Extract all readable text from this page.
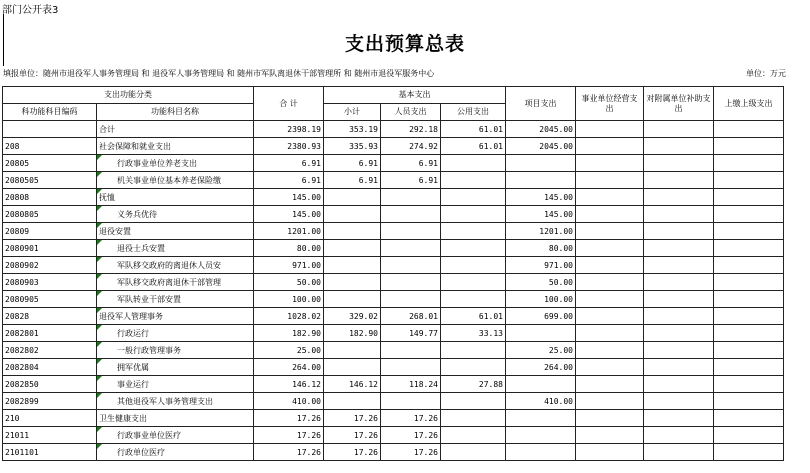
部门公开表3
支出预算总表
填报单位：随州市退役军人事务管理局 和 退役军人事务管理局 和 随州市军队离退休干部管理所 和 随州市退役军服务中心	单位：万元
支出功能分类		合 计	基本支出			项目支出	事业单位经营支出	对附属单位补助支出	上缴上级支出
科功能科目编码	功能科目名称		小计	人员支出	公用支出				
	合计	2398.19	353.19	292.18	61.01	2045.00			
208	社会保障和就业支出	2380.93	335.93	274.92	61.01	2045.00			
20805	行政事业单位养老支出	6.91	6.91	6.91					
2080505	机关事业单位基本养老保险缴	6.91	6.91	6.91					
20808	抚恤	145.00				145.00			
2080805	义务兵优待	145.00				145.00			
20809	退役安置	1201.00				1201.00			
2080901	退役士兵安置	80.00				80.00			
2080902	军队移交政府的离退休人员安	971.00				971.00			
2080903	军队移交政府离退休干部管理	50.00				50.00			
2080905	军队转业干部安置	100.00				100.00			
20828	退役军人管理事务	1028.02	329.02	268.01	61.01	699.00			
2082801	行政运行	182.90	182.90	149.77	33.13				
2082802	一般行政管理事务	25.00				25.00			
2082804	拥军优属	264.00				264.00			
2082850	事业运行	146.12	146.12	118.24	27.88				
2082899	其他退役军人事务管理支出	410.00				410.00			
210	卫生健康支出	17.26	17.26	17.26					
21011	行政事业单位医疗	17.26	17.26	17.26					
2101101	行政单位医疗	17.26	17.26	17.26					
